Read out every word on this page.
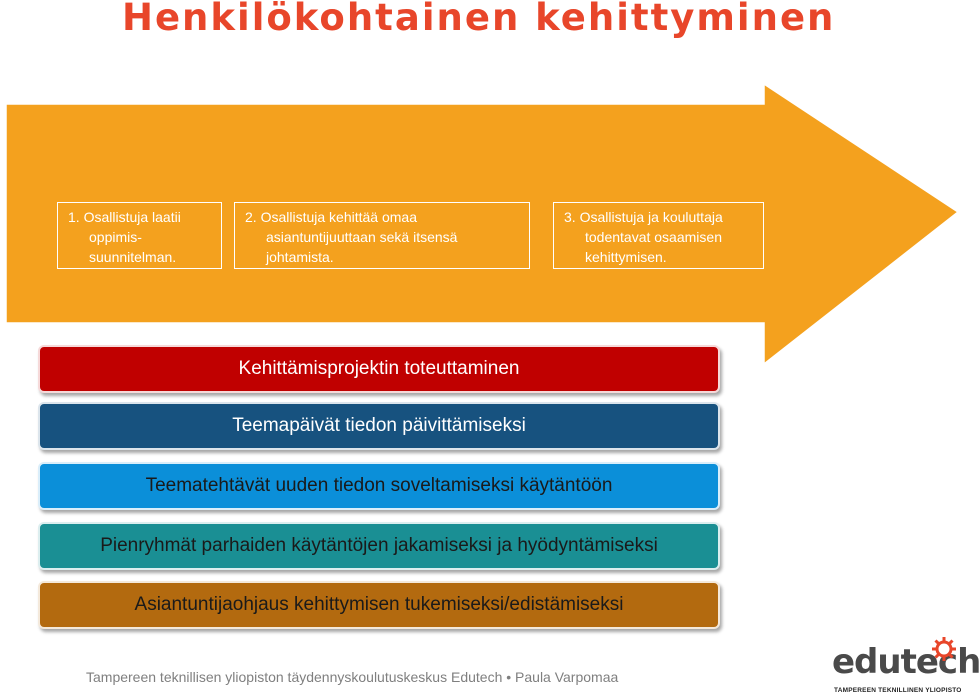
Henkilökohtainen kehittyminen
1. Osallistuja laatii
oppimis-
suunnitelman.
2. Osallistuja kehittää omaa
asiantuntijuuttaan sekä itsensä
johtamista.
3. Osallistuja ja kouluttaja
todentavat osaamisen
kehittymisen.
Kehittämisprojektin toteuttaminen
Teemapäivät tiedon päivittämiseksi
Teematehtävät uuden tiedon soveltamiseksi käytäntöön
Pienryhmät parhaiden käytäntöjen jakamiseksi ja hyödyntämiseksi
Asiantuntijaohjaus kehittymisen tukemiseksi/edistämiseksi
Tampereen teknillisen yliopiston täydennyskoulutuskeskus Edutech • Paula Varpomaa	edutech
TAMPEREEN TEKNILLINEN YLIOPISTO
